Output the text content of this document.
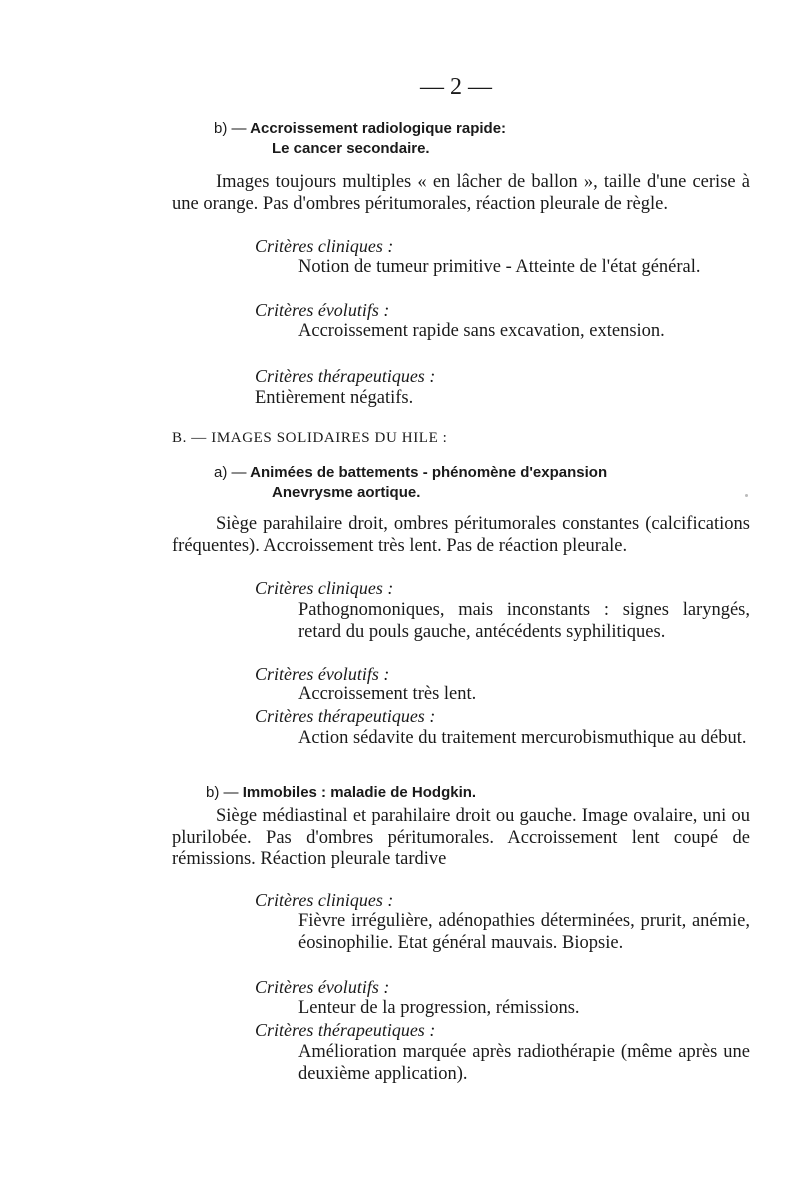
— 2 —
b) — Accroissement radiologique rapide:
Le cancer secondaire.

Images toujours multiples « en lâcher de ballon », taille d'une cerise à une orange. Pas d'ombres péritumorales, réaction pleurale de règle.

Critères cliniques :

Notion de tumeur primitive - Atteinte de l'état général.

Critères évolutifs :

Accroissement rapide sans excavation, extension.

Critères thérapeutiques :

Entièrement négatifs.

B. — IMAGES SOLIDAIRES DU HILE :
a) — Animées de battements - phénomène d'expansion
Anevrysme aortique.

Siège parahilaire droit, ombres péritumorales constantes (calcifications fréquentes). Accroissement très lent. Pas de réaction pleurale.

Critères cliniques :

Pathognomoniques, mais inconstants : signes laryngés, retard du pouls gauche, antécédents syphilitiques.

Critères évolutifs :

Accroissement très lent.

Critères thérapeutiques :

Action sédavite du traitement mercurobismuthique au début.

b) — Immobiles : maladie de Hodgkin.

Siège médiastinal et parahilaire droit ou gauche. Image ovalaire, uni ou plurilobée. Pas d'ombres péritumorales. Accroissement lent coupé de rémissions. Réaction pleurale tardive

Critères cliniques :

Fièvre irrégulière, adénopathies déterminées, prurit, anémie, éosinophilie. Etat général mauvais. Biopsie.

Critères évolutifs :

Lenteur de la progression, rémissions.

Critères thérapeutiques :

Amélioration marquée après radiothérapie (même après une deuxième application).
